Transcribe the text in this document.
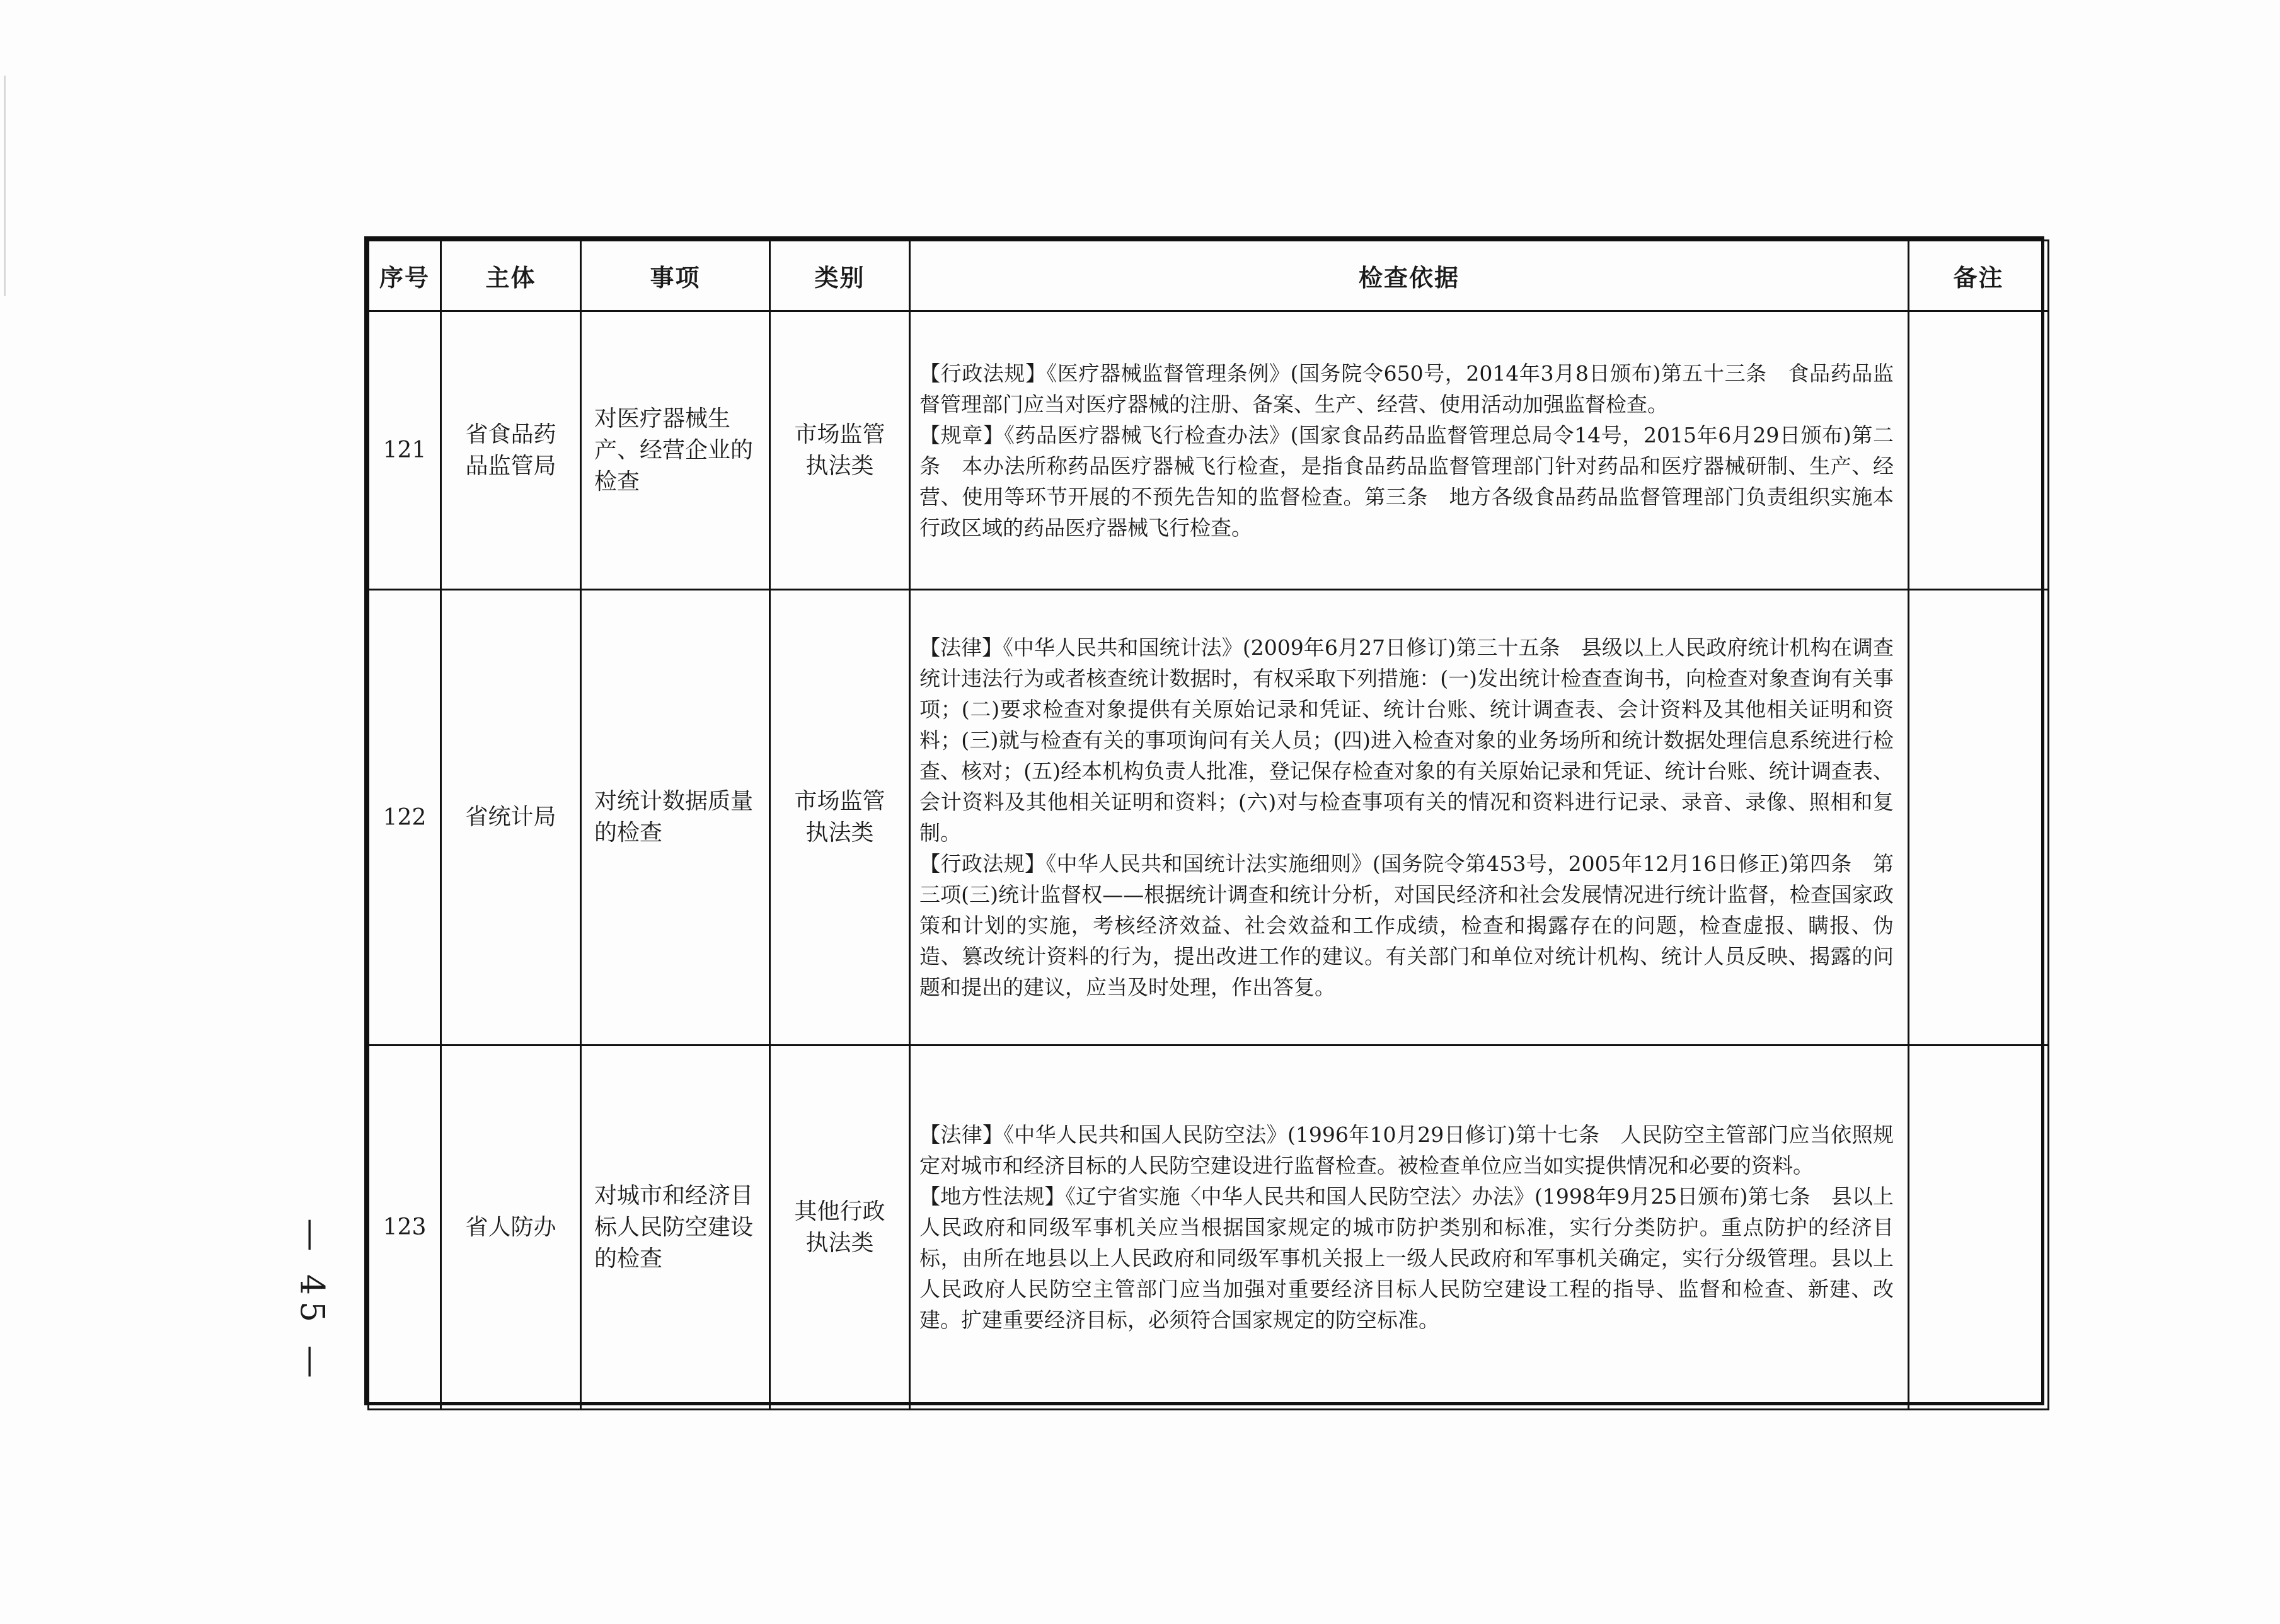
序号	主体	事项	类别	检查依据	备注
121	省食品药品监管局	对医疗器械生产、经营企业的检查	市场监管执法类	【行政法规】《医疗器械监督管理条例》(国务院令650号，2014年3月8日颁布)第五十三条　食品药品监督管理部门应当对医疗器械的注册、备案、生产、经营、使用活动加强监督检查。
【规章】《药品医疗器械飞行检查办法》(国家食品药品监督管理总局令14号，2015年6月29日颁布)第二条　本办法所称药品医疗器械飞行检查，是指食品药品监督管理部门针对药品和医疗器械研制、生产、经营、使用等环节开展的不预先告知的监督检查。第三条　地方各级食品药品监督管理部门负责组织实施本行政区域的药品医疗器械飞行检查。	

122	省统计局	对统计数据质量的检查	市场监管执法类	【法律】《中华人民共和国统计法》(2009年6月27日修订)第三十五条　县级以上人民政府统计机构在调查统计违法行为或者核查统计数据时，有权采取下列措施：(一)发出统计检查查询书，向检查对象查询有关事项；(二)要求检查对象提供有关原始记录和凭证、统计台账、统计调查表、会计资料及其他相关证明和资料；(三)就与检查有关的事项询问有关人员；(四)进入检查对象的业务场所和统计数据处理信息系统进行检查、核对；(五)经本机构负责人批准，登记保存检查对象的有关原始记录和凭证、统计台账、统计调查表、会计资料及其他相关证明和资料；(六)对与检查事项有关的情况和资料进行记录、录音、录像、照相和复制。
【行政法规】《中华人民共和国统计法实施细则》(国务院令第453号，2005年12月16日修正)第四条　第三项(三)统计监督权——根据统计调查和统计分析，对国民经济和社会发展情况进行统计监督，检查国家政策和计划的实施，考核经济效益、社会效益和工作成绩，检查和揭露存在的问题，检查虚报、瞒报、伪造、篡改统计资料的行为，提出改进工作的建议。有关部门和单位对统计机构、统计人员反映、揭露的问题和提出的建议，应当及时处理，作出答复。	

123	省人防办	对城市和经济目标人民防空建设的检查	其他行政执法类	【法律】《中华人民共和国人民防空法》(1996年10月29日修订)第十七条　人民防空主管部门应当依照规定对城市和经济目标的人民防空建设进行监督检查。被检查单位应当如实提供情况和必要的资料。
【地方性法规】《辽宁省实施〈中华人民共和国人民防空法〉办法》(1998年9月25日颁布)第七条　县以上人民政府和同级军事机关应当根据国家规定的城市防护类别和标准，实行分类防护。重点防护的经济目标，由所在地县以上人民政府和同级军事机关报上一级人民政府和军事机关确定，实行分级管理。县以上人民政府人民防空主管部门应当加强对重要经济目标人民防空建设工程的指导、监督和检查、新建、改建。扩建重要经济目标，必须符合国家规定的防空标准。	

— 45 —
